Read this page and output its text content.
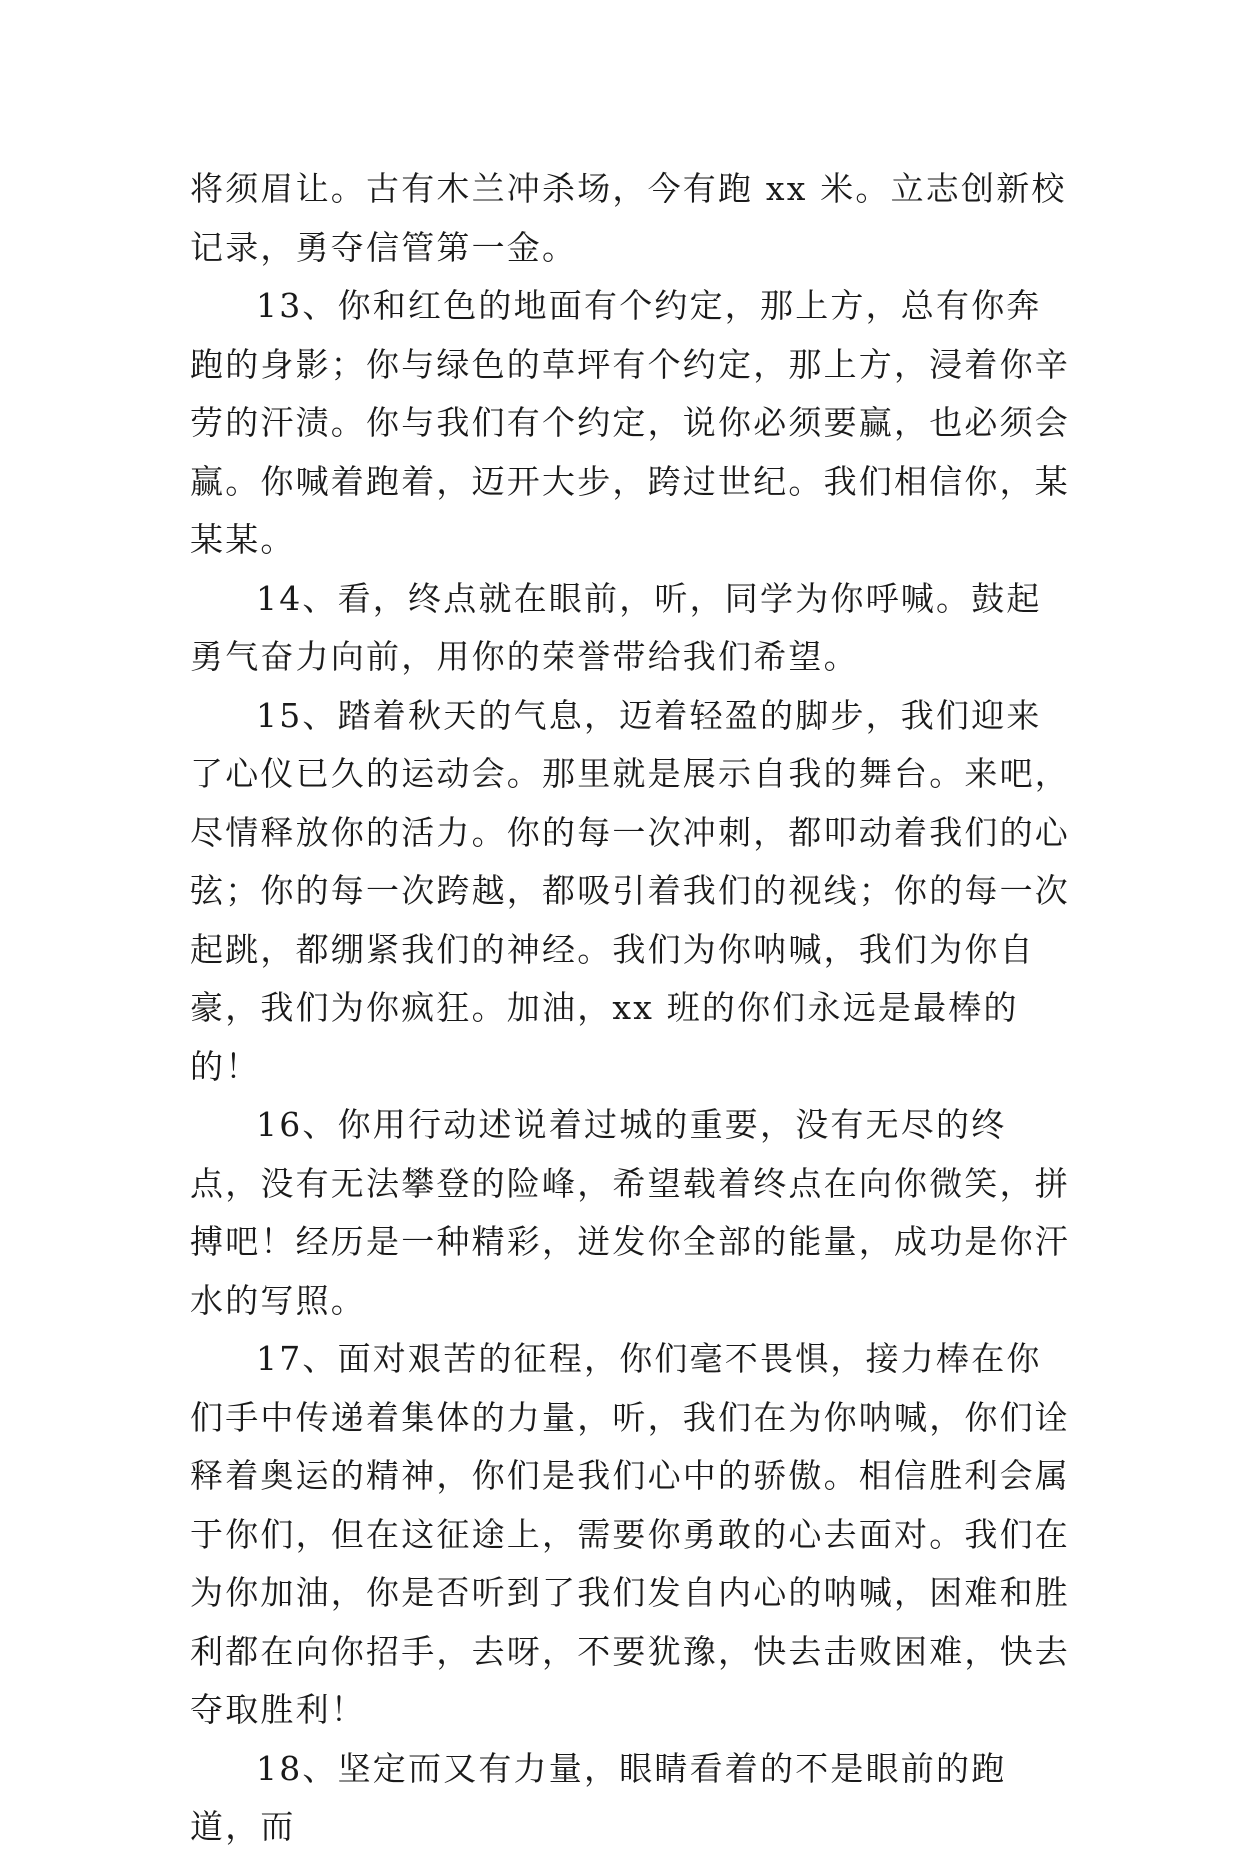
将须眉让。古有木兰冲杀场，今有跑 xx 米。立志创新校记录，勇夺信管第一金。

13、你和红色的地面有个约定，那上方，总有你奔跑的身影；你与绿色的草坪有个约定，那上方，浸着你辛劳的汗渍。你与我们有个约定，说你必须要赢，也必须会赢。你喊着跑着，迈开大步，跨过世纪。我们相信你，某某某。

14、看，终点就在眼前，听，同学为你呼喊。鼓起勇气奋力向前，用你的荣誉带给我们希望。

15、踏着秋天的气息，迈着轻盈的脚步，我们迎来了心仪已久的运动会。那里就是展示自我的舞台。来吧，尽情释放你的活力。你的每一次冲刺，都叩动着我们的心弦；你的每一次跨越，都吸引着我们的视线；你的每一次起跳，都绷紧我们的神经。我们为你呐喊，我们为你自豪，我们为你疯狂。加油，xx 班的你们永远是最棒的的！

16、你用行动述说着过城的重要，没有无尽的终点，没有无法攀登的险峰，希望载着终点在向你微笑，拼搏吧！经历是一种精彩，迸发你全部的能量，成功是你汗水的写照。

17、面对艰苦的征程，你们毫不畏惧，接力棒在你们手中传递着集体的力量，听，我们在为你呐喊，你们诠释着奥运的精神，你们是我们心中的骄傲。相信胜利会属于你们，但在这征途上，需要你勇敢的心去面对。我们在为你加油，你是否听到了我们发自内心的呐喊，困难和胜利都在向你招手，去呀，不要犹豫，快去击败困难，快去夺取胜利！

18、坚定而又有力量，眼睛看着的不是眼前的跑道，而
